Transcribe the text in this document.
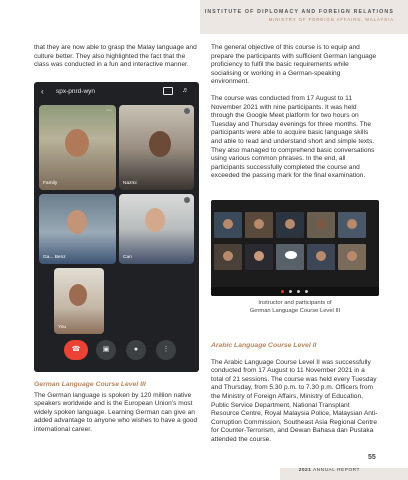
INSTITUTE OF DIPLOMACY AND FOREIGN RELATIONS
MINISTRY OF FOREIGN AFFAIRS, MALAYSIA

that they are now able to grasp the Malay language and culture better. They also highlighted the fact that the class was conducted in a fun and interactive manner.

‹ spx-pnrd-wyn	♬
⋯
Family	Nazmi
Ga... Benz	Can
You
☎	▣	●	⋮
German Language Course Level III

The German language is spoken by 120 million native speakers worldwide and is the European Union's most widely spoken language. Learning German can give an added advantage to anyone who wishes to have a good international career.

The general objective of this course is to equip and prepare the participants with sufficient German language proficiency to fulfil the basic requirements while socialising or working in a German-speaking environment.

The course was conducted from 17 August to 11 November 2021 with nine participants. It was held through the Google Meet platform for two hours on Tuesday and Thursday evenings for three months. The participants were able to acquire basic language skills and able to read and understand short and simple texts. They also managed to comprehend basic conversations using various common phrases. In the end, all participants successfully completed the course and exceeded the passing mark for the final examination.

Instructor and participants of
German Language Course Level III
Arabic Language Course Level II

The Arabic Language Course Level II was successfully conducted from 17 August to 11 November 2021 in a total of 21 sessions. The course was held every Tuesday and Thursday, from 5.30 p.m. to 7.30 p.m. Officers from the Ministry of Foreign Affairs, Ministry of Education, Public Service Department, National Transplant Resource Centre, Royal Malaysia Police, Malaysian Anti-Corruption Commission, Southeast Asia Regional Centre for Counter-Terrorism, and Dewan Bahasa dan Pustaka attended the course.

2021 ANNUAL REPORT
55
